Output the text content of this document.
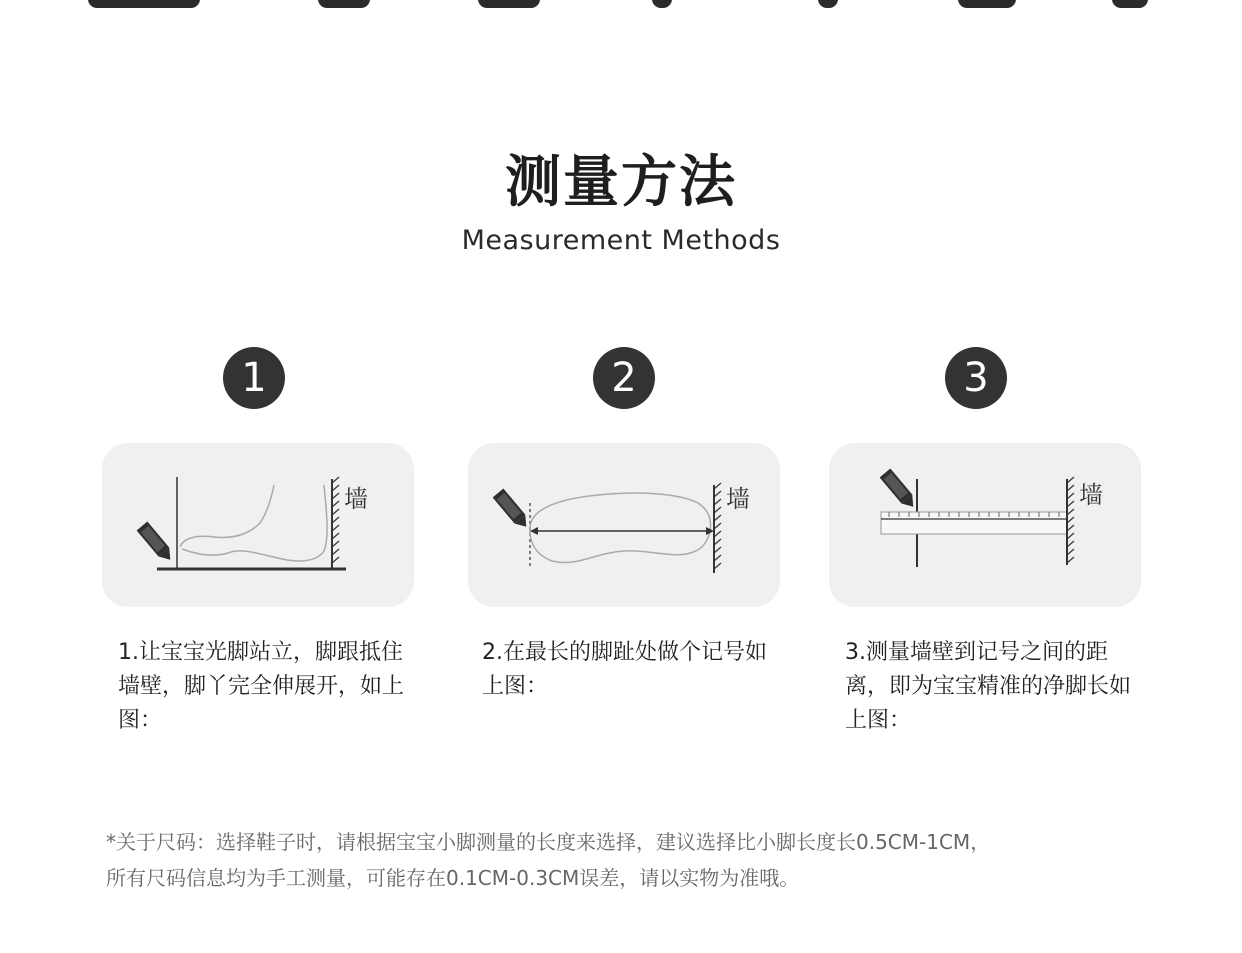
测量方法
Measurement Methods
1	2	3
墙	墙	墙
1.让宝宝光脚站立，脚跟抵住墙壁，脚丫完全伸展开，如上图：
2.在最长的脚趾处做个记号如上图：
3.测量墙壁到记号之间的距离，即为宝宝精准的净脚长如上图：
*关于尺码：选择鞋子时，请根据宝宝小脚测量的长度来选择，建议选择比小脚长度长0.5CM-1CM，
所有尺码信息均为手工测量，可能存在0.1CM-0.3CM误差，请以实物为准哦。
